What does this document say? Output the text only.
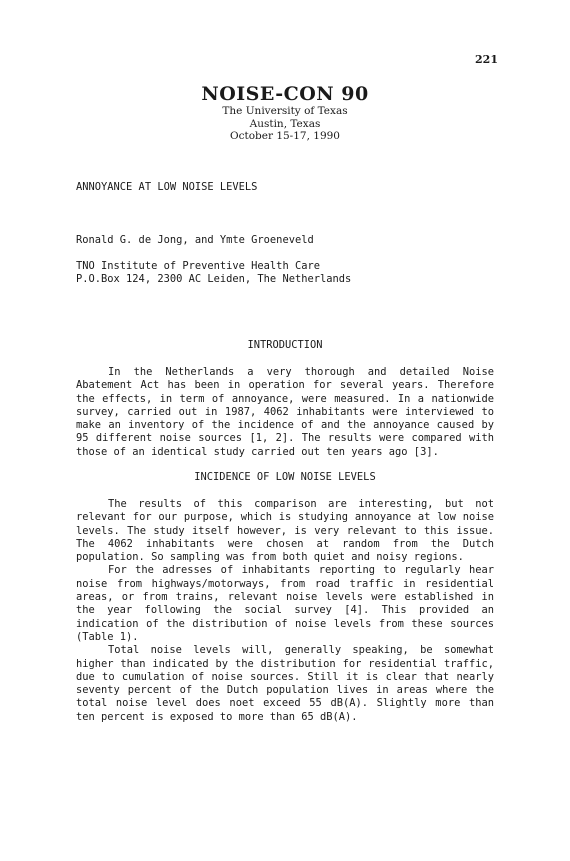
221
NOISE-CON 90
The University of Texas
Austin, Texas
October 15-17, 1990
ANNOYANCE AT LOW NOISE LEVELS
Ronald G. de Jong, and Ymte Groeneveld
TNO Institute of Preventive Health Care
P.O.Box 124, 2300 AC Leiden, The Netherlands
INTRODUCTION

In the Netherlands a very thorough and detailed Noise Abatement Act has been in operation for several years. Therefore the effects, in term of annoyance, were measured. In a nationwide survey, carried out in 1987, 4062 inhabitants were interviewed to make an inventory of the incidence of and the annoyance caused by 95 different noise sources [1, 2]. The results were compared with those of an identical study carried out ten years ago [3].

INCIDENCE OF LOW NOISE LEVELS

The results of this comparison are interesting, but not relevant for our purpose, which is studying annoyance at low noise levels. The study itself however, is very relevant to this issue. The 4062 inhabitants were chosen at random from the Dutch population. So sampling was from both quiet and noisy regions.

For the adresses of inhabitants reporting to regularly hear noise from highways/motorways, from road traffic in residential areas, or from trains, relevant noise levels were established in the year following the social survey [4]. This provided an indication of the distribution of noise levels from these sources (Table 1).

Total noise levels will, generally speaking, be somewhat higher than indicated by the distribution for residential traffic, due to cumulation of noise sources. Still it is clear that nearly seventy percent of the Dutch population lives in areas where the total noise level does noet exceed 55 dB(A). Slightly more than ten percent is exposed to more than 65 dB(A).
